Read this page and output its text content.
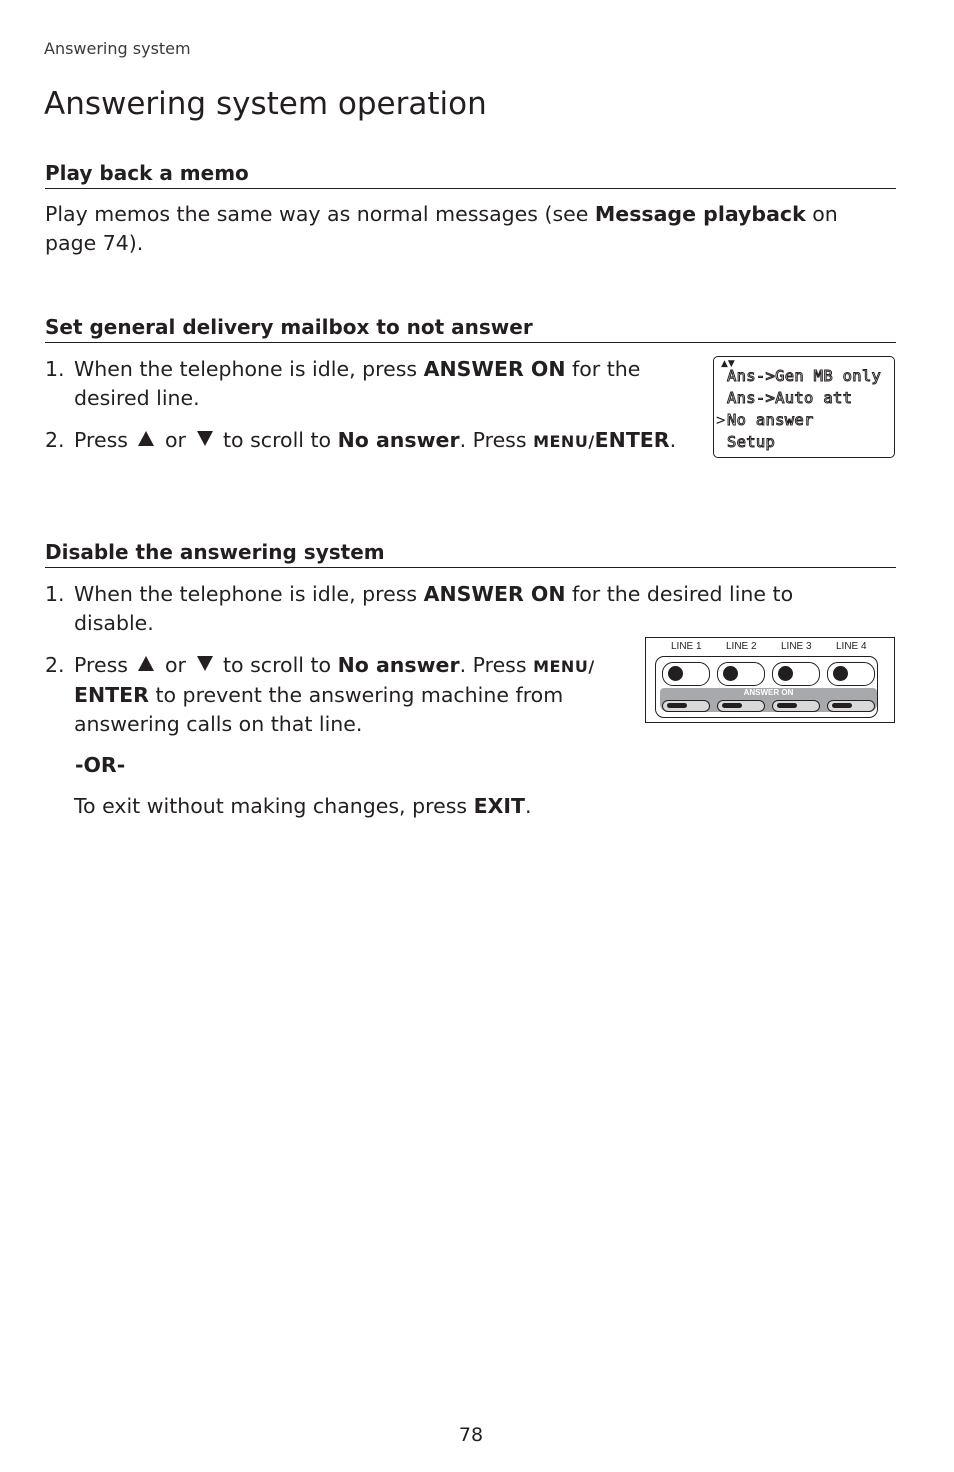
Answering system
Answering system operation
Play back a memo

Play memos the same way as normal messages (see Message playback on page 74).

Set general delivery mailbox to not answer
1. When the telephone is idle, press ANSWER ON for the desired line.
2. Press  or  to scroll to No answer. Press MENU/ENTER.
▲▼
Ans->Gen MB only
Ans->Auto att
> No answer
Setup
Disable the answering system
1. When the telephone is idle, press ANSWER ON for the desired line to disable.
2. Press  or  to scroll to No answer. Press MENU/ ENTER to prevent the answering machine from answering calls on that line.
-OR-
To exit without making changes, press EXIT.
LINE 1 LINE 2 LINE 3 LINE 4
ANSWER ON
78
